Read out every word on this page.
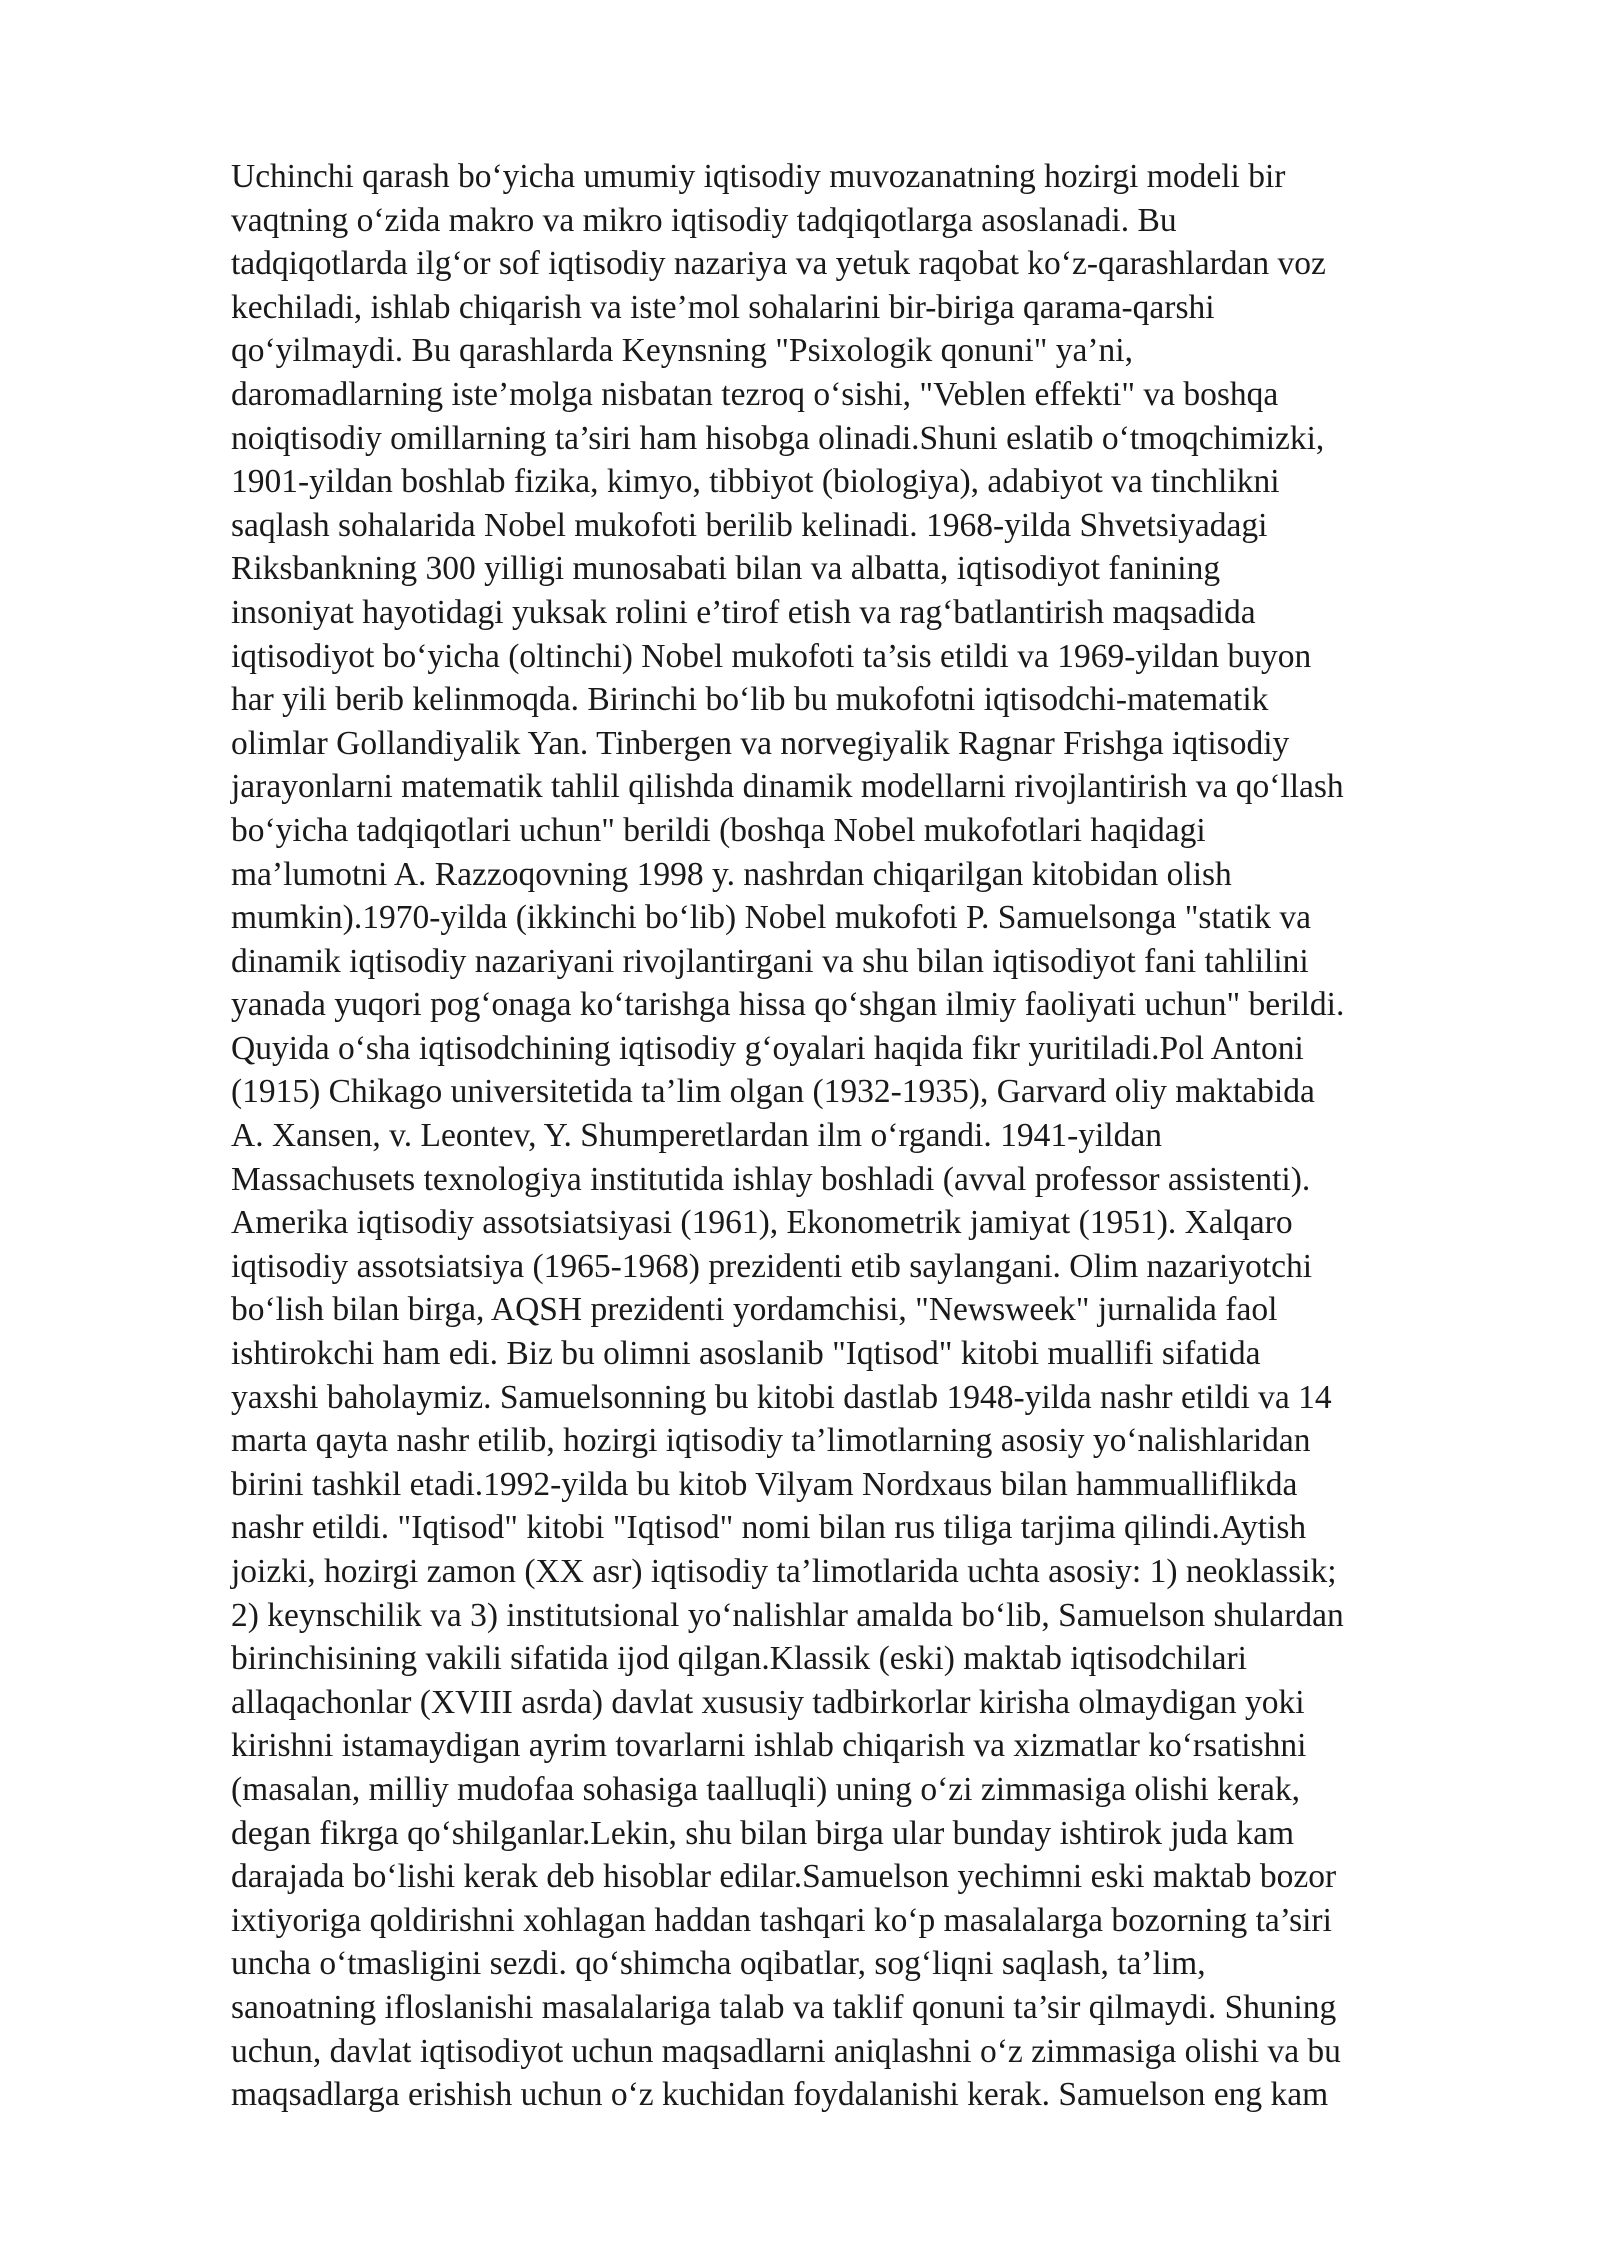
Uchinchi qarash bo‘yicha umumiy iqtisodiy muvozanatning hozirgi modeli bir
vaqtning o‘zida makro va mikro iqtisodiy tadqiqotlarga asoslanadi. Bu
tadqiqotlarda ilg‘or sof iqtisodiy nazariya va yetuk raqobat ko‘z-qarashlardan voz
kechiladi, ishlab chiqarish va iste’mol sohalarini bir-biriga qarama-qarshi
qo‘yilmaydi. Bu qarashlarda Keynsning "Psixologik qonuni" ya’ni,
daromadlarning iste’molga nisbatan tezroq o‘sishi, "Veblen effekti" va boshqa
noiqtisodiy omillarning ta’siri ham hisobga olinadi.Shuni eslatib o‘tmoqchimizki,
1901-yildan boshlab fizika, kimyo, tibbiyot (biologiya), adabiyot va tinchlikni
saqlash sohalarida Nobel mukofoti berilib kelinadi. 1968-yilda Shvetsiyadagi
Riksbankning 300 yilligi munosabati bilan va albatta, iqtisodiyot fanining
insoniyat hayotidagi yuksak rolini e’tirof etish va rag‘batlantirish maqsadida
iqtisodiyot bo‘yicha (oltinchi) Nobel mukofoti ta’sis etildi va 1969-yildan buyon
har yili berib kelinmoqda. Birinchi bo‘lib bu mukofotni iqtisodchi-matematik
olimlar Gollandiyalik Yan. Tinbergen va norvegiyalik Ragnar Frishga iqtisodiy
jarayonlarni matematik tahlil qilishda dinamik modellarni rivojlantirish va qo‘llash
bo‘yicha tadqiqotlari uchun" berildi (boshqa Nobel mukofotlari haqidagi
ma’lumotni A. Razzoqovning 1998 y. nashrdan chiqarilgan kitobidan olish
mumkin).1970-yilda (ikkinchi bo‘lib) Nobel mukofoti P. Samuelsonga "statik va
dinamik iqtisodiy nazariyani rivojlantirgani va shu bilan iqtisodiyot fani tahlilini
yanada yuqori pog‘onaga ko‘tarishga hissa qo‘shgan ilmiy faoliyati uchun" berildi.
Quyida o‘sha iqtisodchining iqtisodiy g‘oyalari haqida fikr yuritiladi.Pol Antoni
(1915) Chikago universitetida ta’lim olgan (1932-1935), Garvard oliy maktabida
A. Xansen, v. Leontev, Y. Shumperetlardan ilm o‘rgandi. 1941-yildan
Massachusets texnologiya institutida ishlay boshladi (avval professor assistenti).
Amerika iqtisodiy assotsiatsiyasi (1961), Ekonometrik jamiyat (1951). Xalqaro
iqtisodiy assotsiatsiya (1965-1968) prezidenti etib saylangani. Olim nazariyotchi
bo‘lish bilan birga, AQSH prezidenti yordamchisi, "Newsweek" jurnalida faol
ishtirokchi ham edi. Biz bu olimni asoslanib "Iqtisod" kitobi muallifi sifatida
yaxshi baholaymiz. Samuelsonning bu kitobi dastlab 1948-yilda nashr etildi va 14
marta qayta nashr etilib, hozirgi iqtisodiy ta’limotlarning asosiy yo‘nalishlaridan
birini tashkil etadi.1992-yilda bu kitob Vilyam Nordxaus bilan hammualliflikda
nashr etildi. "Iqtisod" kitobi "Iqtisod" nomi bilan rus tiliga tarjima qilindi.Aytish
joizki, hozirgi zamon (XX asr) iqtisodiy ta’limotlarida uchta asosiy: 1) neoklassik;
2) keynschilik va 3) institutsional yo‘nalishlar amalda bo‘lib, Samuelson shulardan
birinchisining vakili sifatida ijod qilgan.Klassik (eski) maktab iqtisodchilari
allaqachonlar (XVIII asrda) davlat xususiy tadbirkorlar kirisha olmaydigan yoki
kirishni istamaydigan ayrim tovarlarni ishlab chiqarish va xizmatlar ko‘rsatishni
(masalan, milliy mudofaa sohasiga taalluqli) uning o‘zi zimmasiga olishi kerak,
degan fikrga qo‘shilganlar.Lekin, shu bilan birga ular bunday ishtirok juda kam
darajada bo‘lishi kerak deb hisoblar edilar.Samuelson yechimni eski maktab bozor
ixtiyoriga qoldirishni xohlagan haddan tashqari ko‘p masalalarga bozorning ta’siri
uncha o‘tmasligini sezdi. qo‘shimcha oqibatlar, sog‘liqni saqlash, ta’lim,
sanoatning ifloslanishi masalalariga talab va taklif qonuni ta’sir qilmaydi. Shuning
uchun, davlat iqtisodiyot uchun maqsadlarni aniqlashni o‘z zimmasiga olishi va bu
maqsadlarga erishish uchun o‘z kuchidan foydalanishi kerak. Samuelson eng kam
